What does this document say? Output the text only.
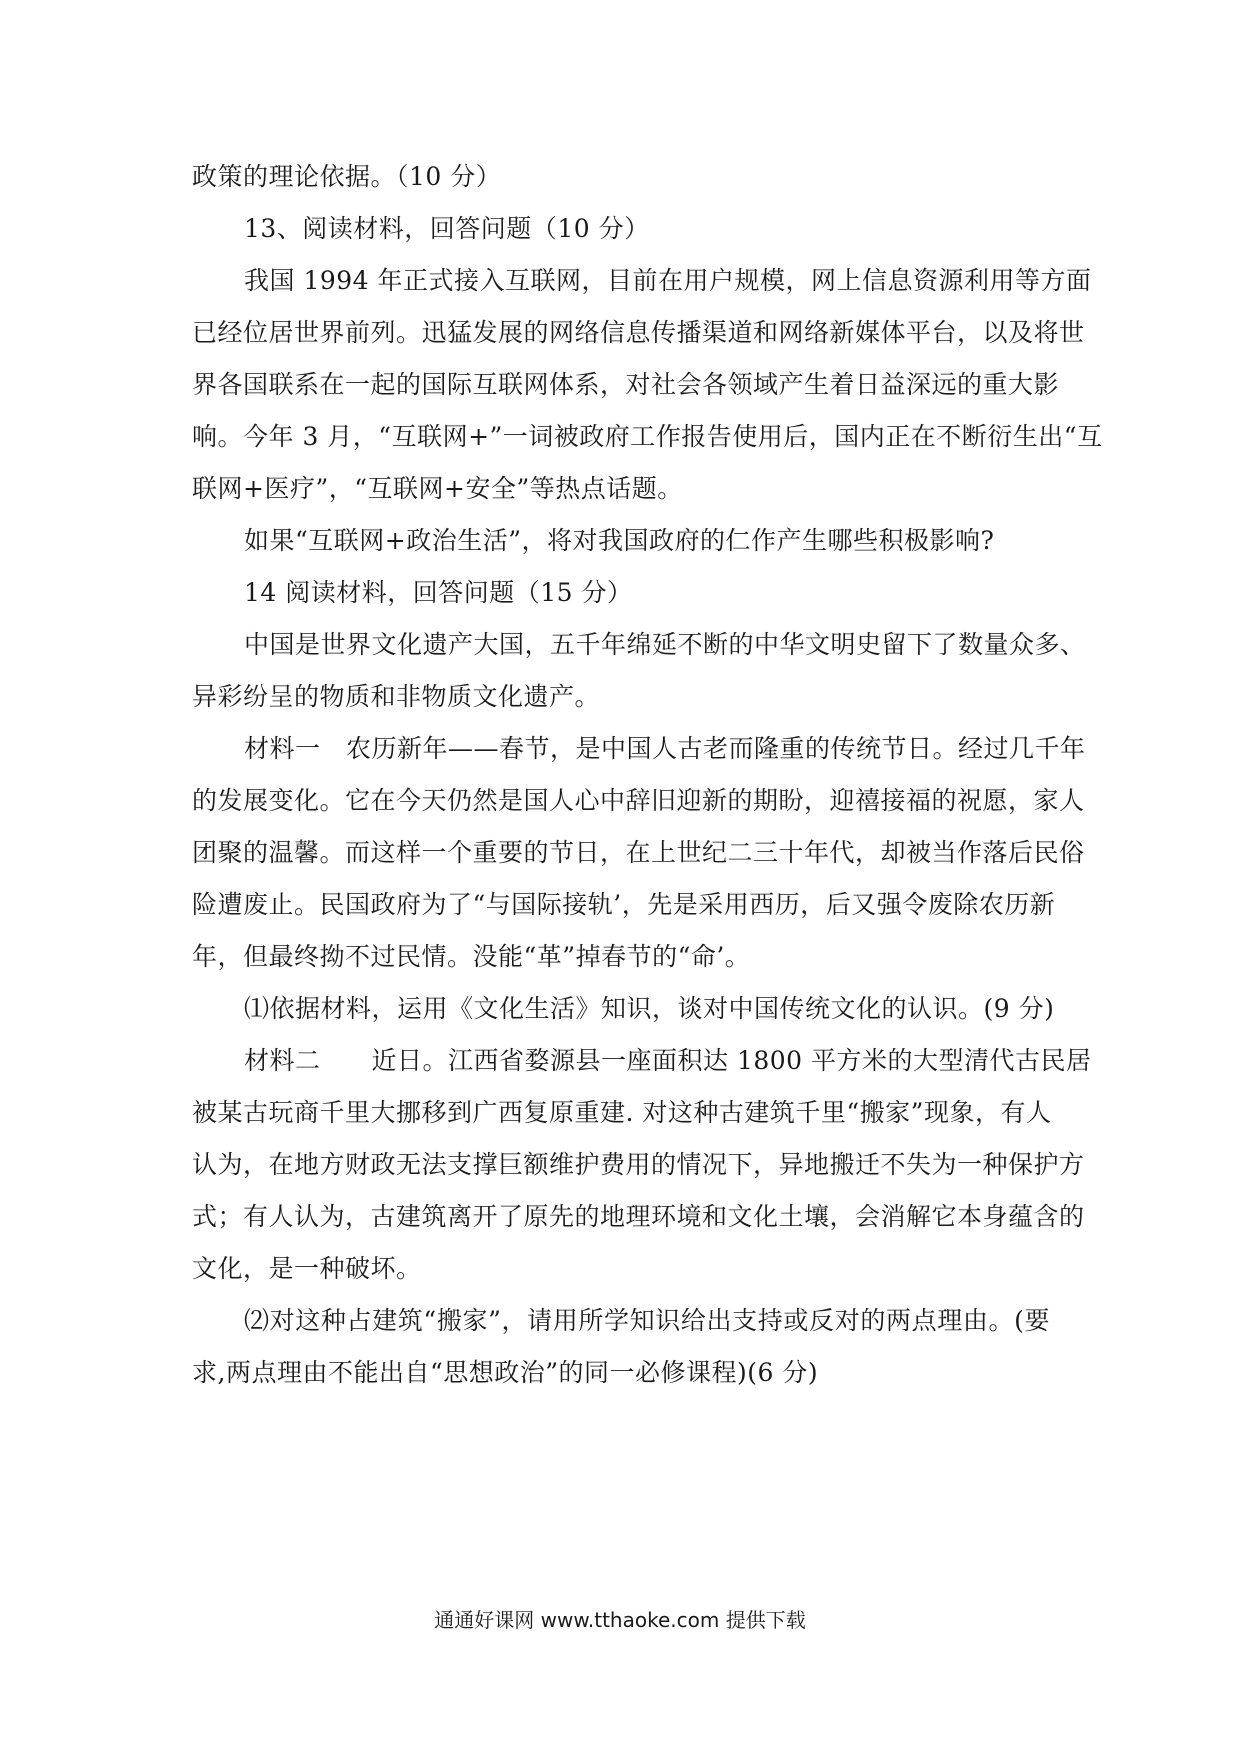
政策的理论依据。（10 分）
13、阅读材料，回答问题（10 分）
我国 1994 年正式接入互联网，目前在用户规模，网上信息资源利用等方面
已经位居世界前列。迅猛发展的网络信息传播渠道和网络新媒体平台，以及将世
界各国联系在一起的国际互联网体系，对社会各领域产生着日益深远的重大影
响。今年 3 月，“互联网+”一词被政府工作报告使用后，国内正在不断衍生出“互
联网+医疗”，“互联网+安全”等热点话题。
如果“互联网+政治生活”，将对我国政府的仁作产生哪些积极影响?
14 阅读材料，回答问题（15 分）
中国是世界文化遗产大国，五千年绵延不断的中华文明史留下了数量众多、
异彩纷呈的物质和非物质文化遗产。
材料一　农历新年——春节，是中国人古老而隆重的传统节日。经过几千年
的发展变化。它在今天仍然是国人心中辞旧迎新的期盼，迎禧接福的祝愿，家人
团聚的温馨。而这样一个重要的节日，在上世纪二三十年代，却被当作落后民俗
险遭废止。民国政府为了“与国际接轨’，先是采用西历，后又强令废除农历新
年，但最终拗不过民情。没能“革”掉春节的“命’。
⑴依据材料，运用《文化生活》知识，谈对中国传统文化的认识。(9 分)
材料二　　近日。江西省婺源县一座面积达 1800 平方米的大型清代古民居
被某古玩商千里大挪移到广西复原重建. 对这种古建筑千里“搬家”现象，有人
认为，在地方财政无法支撑巨额维护费用的情况下，异地搬迁不失为一种保护方
式；有人认为，古建筑离开了原先的地理环境和文化土壤，会消解它本身蕴含的
文化，是一种破坏。
⑵对这种占建筑“搬家”，请用所学知识给出支持或反对的两点理由。(要
求,两点理由不能出自“思想政治”的同一必修课程)(6 分)
通通好课网 www.tthaoke.com 提供下载
